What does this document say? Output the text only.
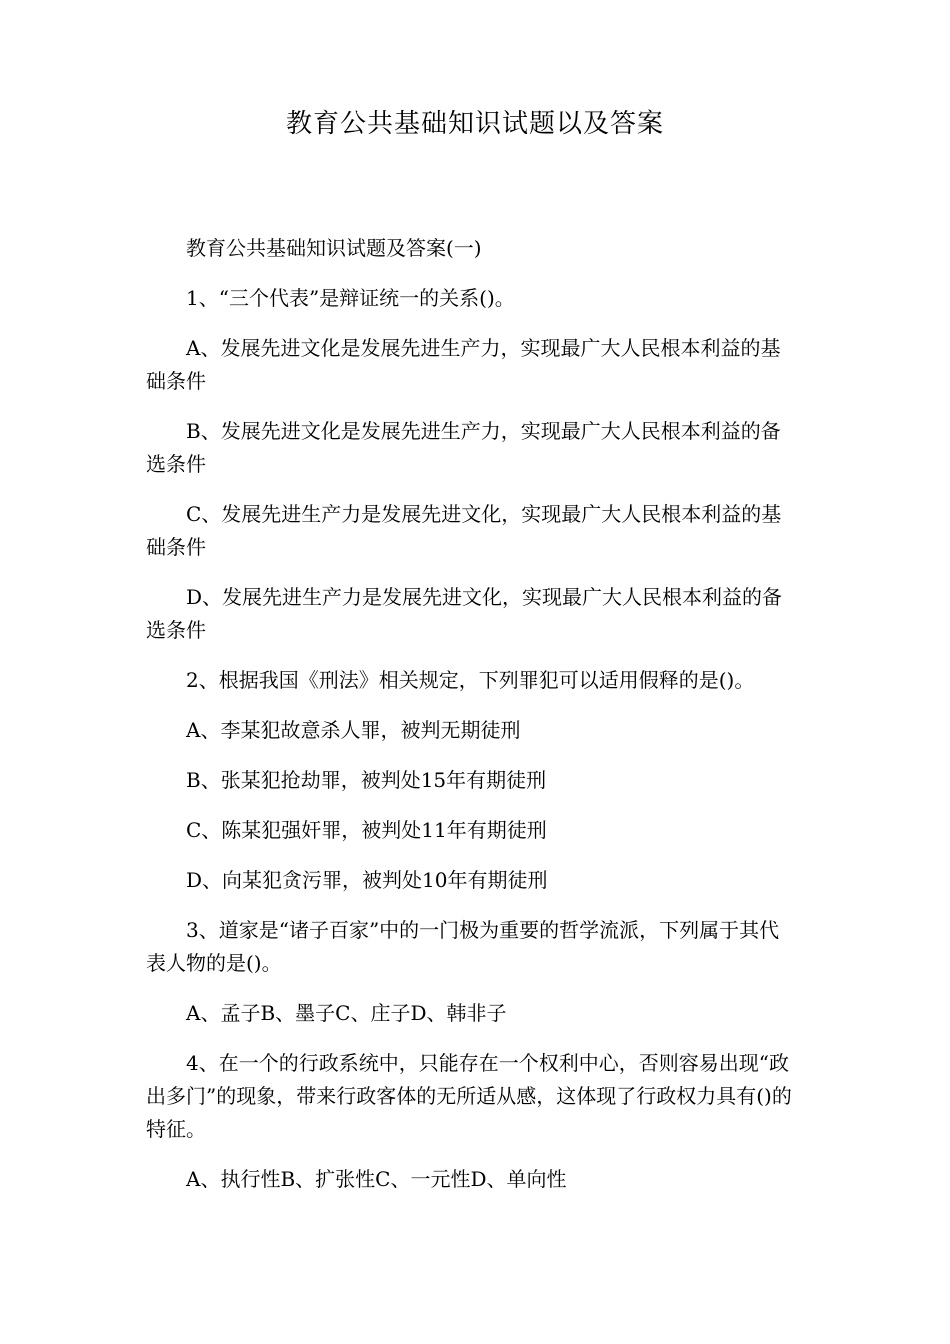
教育公共基础知识试题以及答案

教育公共基础知识试题及答案(一)

1、“三个代表”是辩证统一的关系()。

A、发展先进文化是发展先进生产力，实现最广大人民根本利益的基础条件

B、发展先进文化是发展先进生产力，实现最广大人民根本利益的备选条件

C、发展先进生产力是发展先进文化，实现最广大人民根本利益的基础条件

D、发展先进生产力是发展先进文化，实现最广大人民根本利益的备选条件

2、根据我国《刑法》相关规定，下列罪犯可以适用假释的是()。

A、李某犯故意杀人罪，被判无期徒刑

B、张某犯抢劫罪，被判处15年有期徒刑

C、陈某犯强奸罪，被判处11年有期徒刑

D、向某犯贪污罪，被判处10年有期徒刑

3、道家是“诸子百家”中的一门极为重要的哲学流派，下列属于其代表人物的是()。

A、孟子B、墨子C、庄子D、韩非子

4、在一个的行政系统中，只能存在一个权利中心，否则容易出现“政出多门”的现象，带来行政客体的无所适从感，这体现了行政权力具有()的特征。

A、执行性B、扩张性C、一元性D、单向性
